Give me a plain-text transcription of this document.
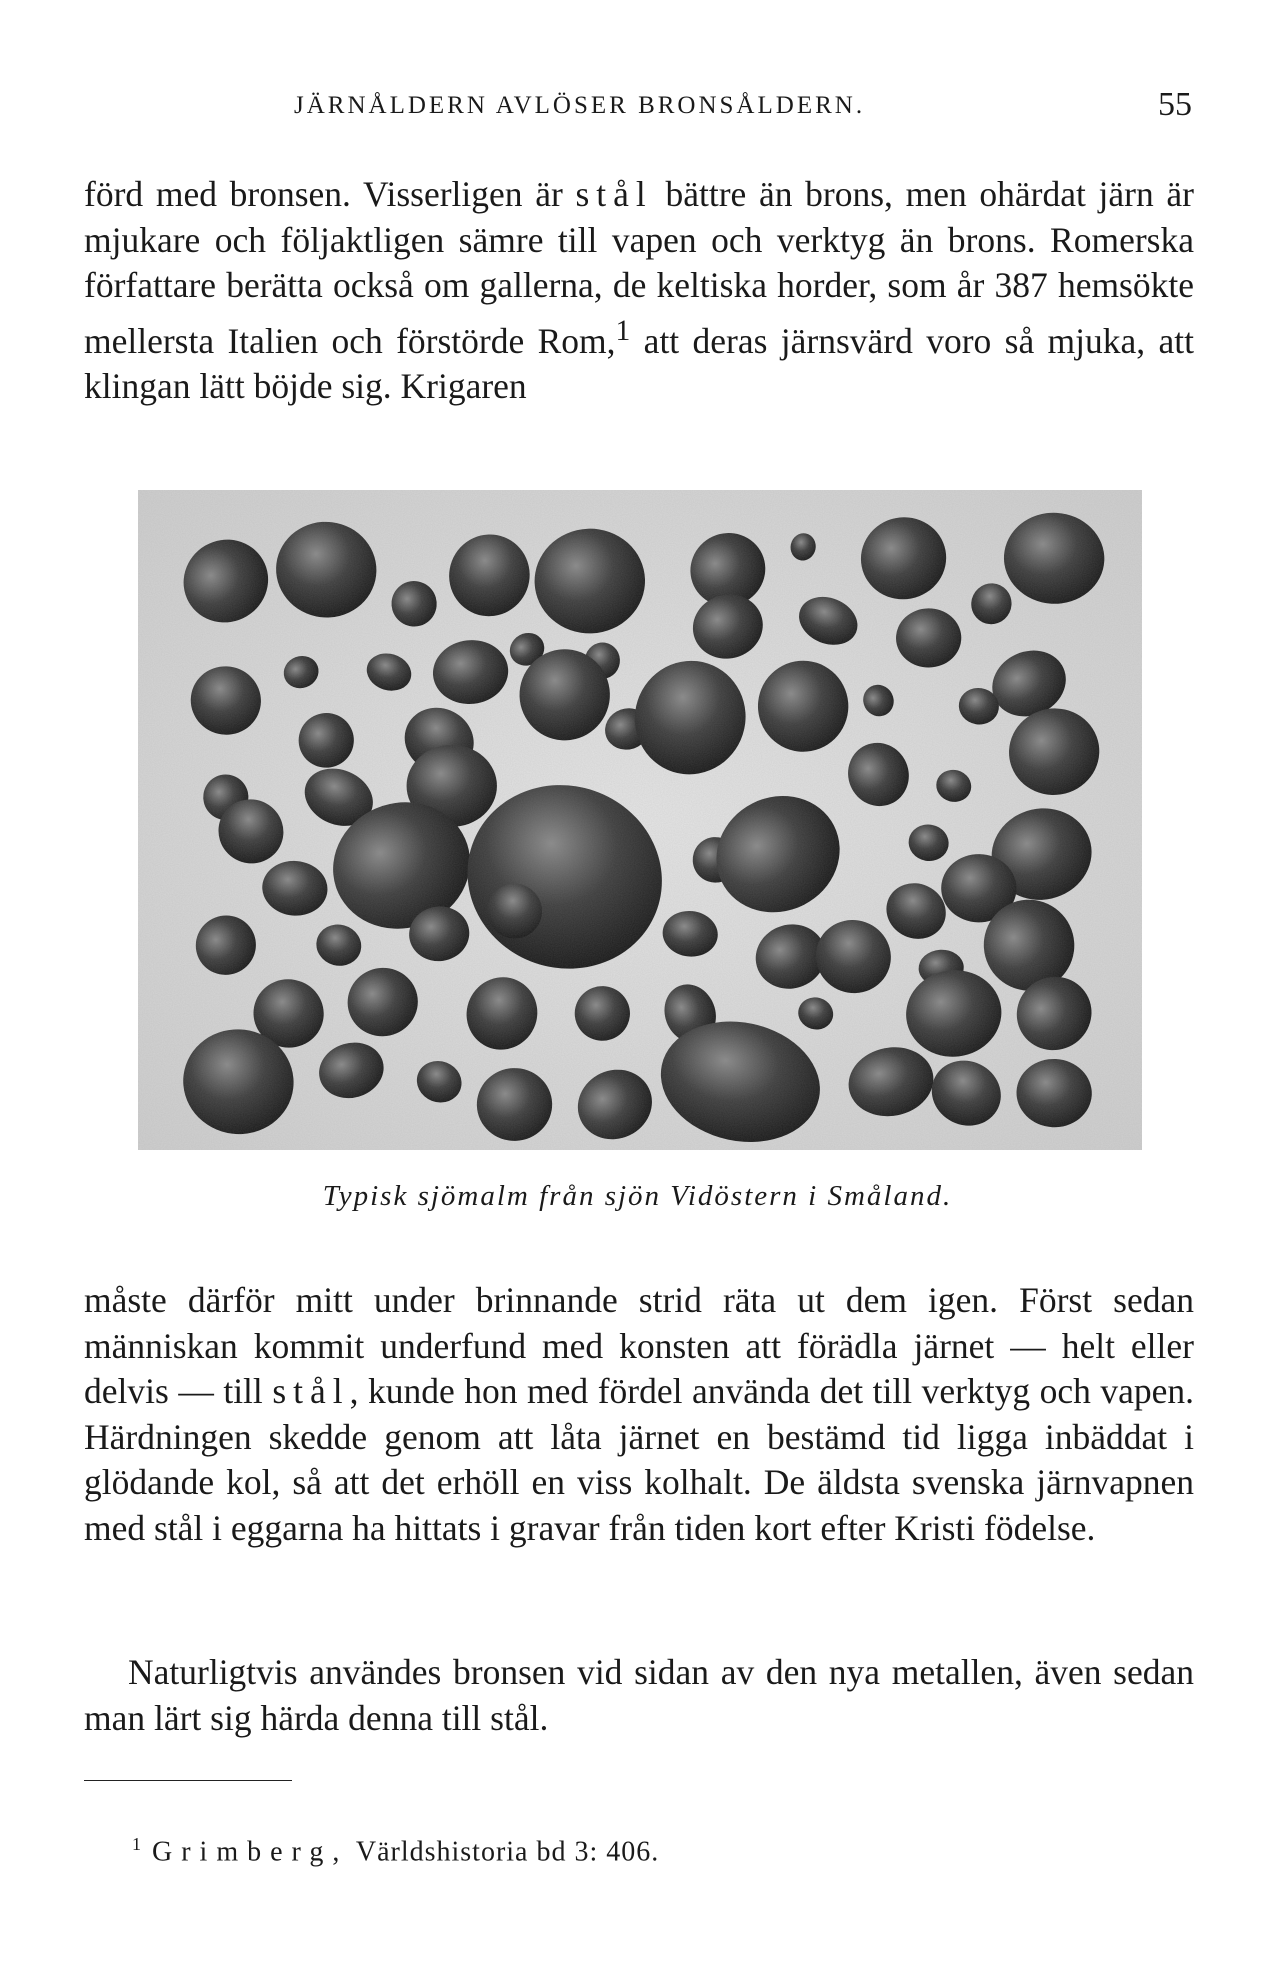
JÄRNÅLDERN AVLÖSER BRONSÅLDERN.	55

förd med bronsen. Visserligen är stål bättre än brons, men ohärdat järn är mjukare och följaktligen sämre till vapen och verktyg än brons. Romerska författare berätta också om gallerna, de keltiska horder, som år 387 hemsökte mellersta Italien och förstörde Rom,$^1$ att deras järnsvärd voro så mjuka, att klingan lätt böjde sig. Krigaren

Typisk sjömalm från sjön Vidöstern i Småland.

måste därför mitt under brinnande strid räta ut dem igen. Först sedan människan kommit underfund med konsten att förädla järnet — helt eller delvis — till stål, kunde hon med fördel använda det till verktyg och vapen. Härdningen skedde genom att låta järnet en bestämd tid ligga inbäddat i glödande kol, så att det erhöll en viss kolhalt. De äldsta svenska järnvapnen med stål i eggarna ha hittats i gravar från tiden kort efter Kristi födelse.

Naturligtvis användes bronsen vid sidan av den nya metallen, även sedan man lärt sig härda denna till stål.

$^1$ Grimberg, Världshistoria bd 3: 406.
